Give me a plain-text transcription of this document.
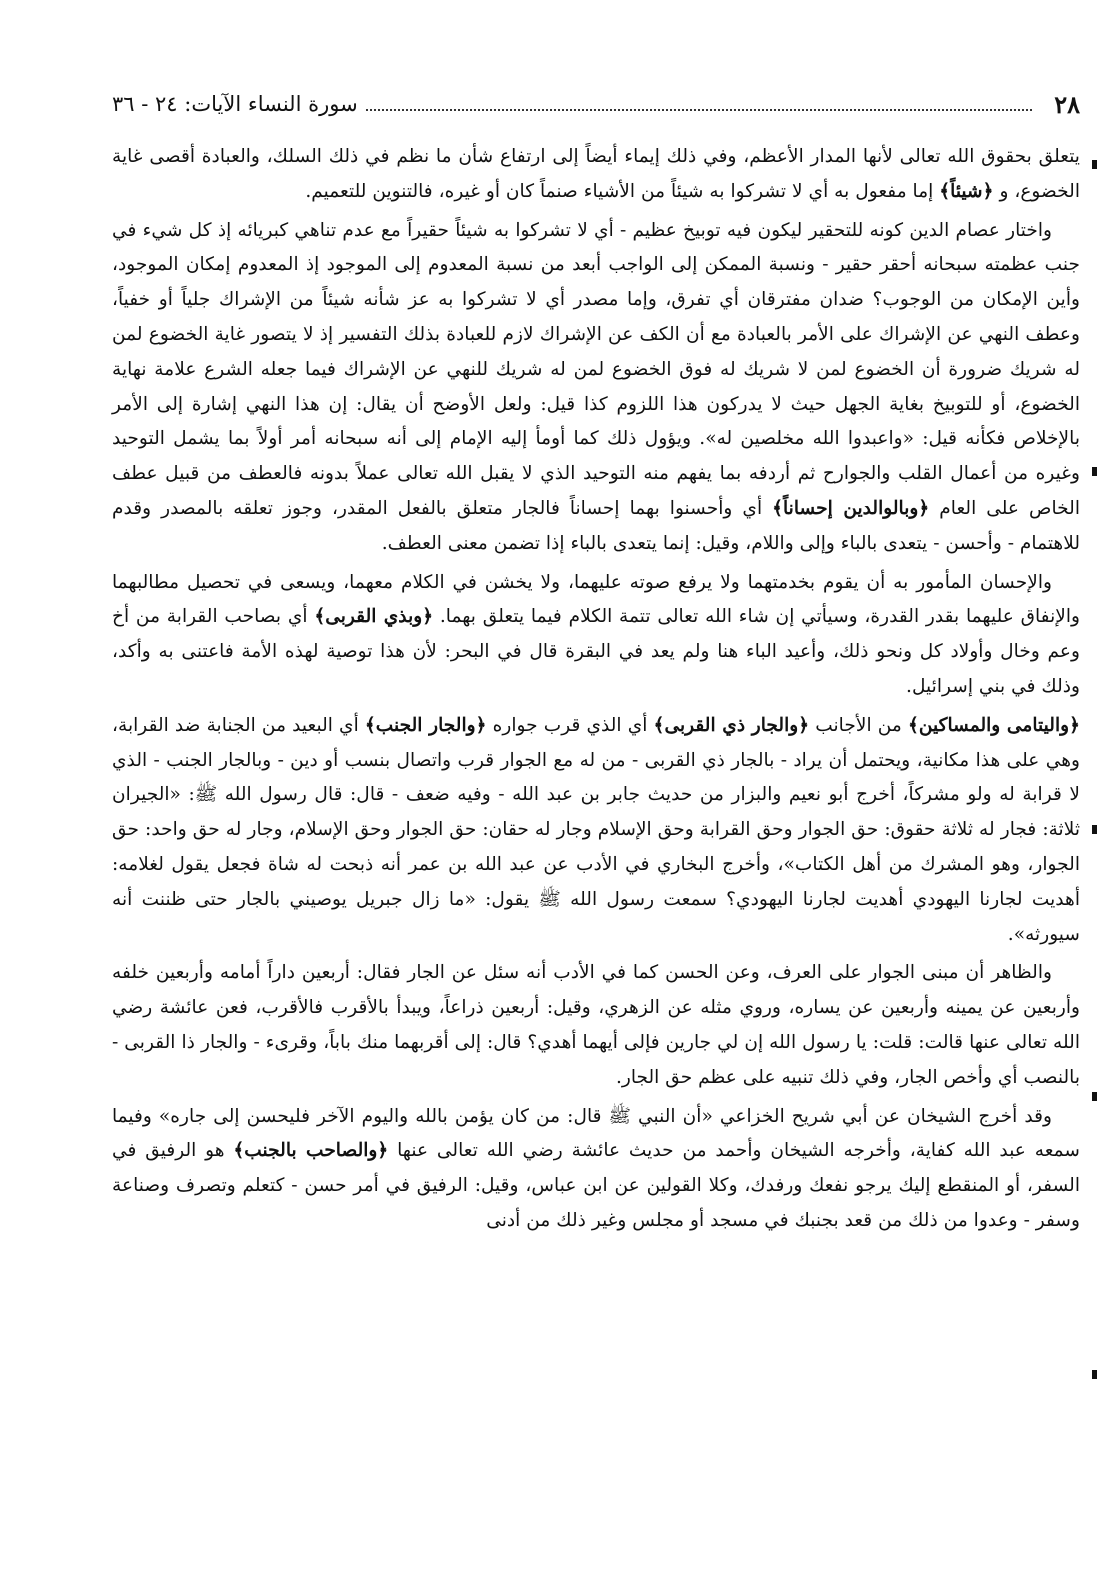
٢٨
سورة النساء الآيات: ٢٤ - ٣٦

يتعلق بحقوق الله تعالى لأنها المدار الأعظم، وفي ذلك إيماء أيضاً إلى ارتفاع شأن ما نظم في ذلك السلك، والعبادة أقصى غاية الخضوع، و ﴿شيئاً﴾ إما مفعول به أي لا تشركوا به شيئاً من الأشياء صنماً كان أو غيره، فالتنوين للتعميم.

واختار عصام الدين كونه للتحقير ليكون فيه توبيخ عظيم - أي لا تشركوا به شيئاً حقيراً مع عدم تناهي كبريائه إذ كل شيء في جنب عظمته سبحانه أحقر حقير - ونسبة الممكن إلى الواجب أبعد من نسبة المعدوم إلى الموجود إذ المعدوم إمكان الموجود، وأين الإمكان من الوجوب؟ ضدان مفترقان أي تفرق، وإما مصدر أي لا تشركوا به عز شأنه شيئاً من الإشراك جلياً أو خفياً، وعطف النهي عن الإشراك على الأمر بالعبادة مع أن الكف عن الإشراك لازم للعبادة بذلك التفسير إذ لا يتصور غاية الخضوع لمن له شريك ضرورة أن الخضوع لمن لا شريك له فوق الخضوع لمن له شريك للنهي عن الإشراك فيما جعله الشرع علامة نهاية الخضوع، أو للتوبيخ بغاية الجهل حيث لا يدركون هذا اللزوم كذا قيل: ولعل الأوضح أن يقال: إن هذا النهي إشارة إلى الأمر بالإخلاص فكأنه قيل: «واعبدوا الله مخلصين له». ويؤول ذلك كما أومأ إليه الإمام إلى أنه سبحانه أمر أولاً بما يشمل التوحيد وغيره من أعمال القلب والجوارح ثم أردفه بما يفهم منه التوحيد الذي لا يقبل الله تعالى عملاً بدونه فالعطف من قبيل عطف الخاص على العام ﴿وبالوالدين إحساناً﴾ أي وأحسنوا بهما إحساناً فالجار متعلق بالفعل المقدر، وجوز تعلقه بالمصدر وقدم للاهتمام - وأحسن - يتعدى بالباء وإلى واللام، وقيل: إنما يتعدى بالباء إذا تضمن معنى العطف.

والإحسان المأمور به أن يقوم بخدمتهما ولا يرفع صوته عليهما، ولا يخشن في الكلام معهما، ويسعى في تحصيل مطالبهما والإنفاق عليهما بقدر القدرة، وسيأتي إن شاء الله تعالى تتمة الكلام فيما يتعلق بهما. ﴿وبذي القربى﴾ أي بصاحب القرابة من أخ وعم وخال وأولاد كل ونحو ذلك، وأعيد الباء هنا ولم يعد في البقرة قال في البحر: لأن هذا توصية لهذه الأمة فاعتنى به وأكد، وذلك في بني إسرائيل.

﴿واليتامى والمساكين﴾ من الأجانب ﴿والجار ذي القربى﴾ أي الذي قرب جواره ﴿والجار الجنب﴾ أي البعيد من الجنابة ضد القرابة، وهي على هذا مكانية، ويحتمل أن يراد - بالجار ذي القربى - من له مع الجوار قرب واتصال بنسب أو دين - وبالجار الجنب - الذي لا قرابة له ولو مشركاً، أخرج أبو نعيم والبزار من حديث جابر بن عبد الله - وفيه ضعف - قال: قال رسول الله ﷺ: «الجيران ثلاثة: فجار له ثلاثة حقوق: حق الجوار وحق القرابة وحق الإسلام وجار له حقان: حق الجوار وحق الإسلام، وجار له حق واحد: حق الجوار، وهو المشرك من أهل الكتاب»، وأخرج البخاري في الأدب عن عبد الله بن عمر أنه ذبحت له شاة فجعل يقول لغلامه: أهديت لجارنا اليهودي أهديت لجارنا اليهودي؟ سمعت رسول الله ﷺ يقول: «ما زال جبريل يوصيني بالجار حتى ظننت أنه سيورثه».

والظاهر أن مبنى الجوار على العرف، وعن الحسن كما في الأدب أنه سئل عن الجار فقال: أربعين داراً أمامه وأربعين خلفه وأربعين عن يمينه وأربعين عن يساره، وروي مثله عن الزهري، وقيل: أربعين ذراعاً، ويبدأ بالأقرب فالأقرب، فعن عائشة رضي الله تعالى عنها قالت: قلت: يا رسول الله إن لي جارين فإلى أيهما أهدي؟ قال: إلى أقربهما منك باباً، وقرىء - والجار ذا القربى - بالنصب أي وأخص الجار، وفي ذلك تنبيه على عظم حق الجار.

وقد أخرج الشيخان عن أبي شريح الخزاعي «أن النبي ﷺ قال: من كان يؤمن بالله واليوم الآخر فليحسن إلى جاره» وفيما سمعه عبد الله كفاية، وأخرجه الشيخان وأحمد من حديث عائشة رضي الله تعالى عنها ﴿والصاحب بالجنب﴾ هو الرفيق في السفر، أو المنقطع إليك يرجو نفعك ورفدك، وكلا القولين عن ابن عباس، وقيل: الرفيق في أمر حسن - كتعلم وتصرف وصناعة وسفر - وعدوا من ذلك من قعد بجنبك في مسجد أو مجلس وغير ذلك من أدنى
